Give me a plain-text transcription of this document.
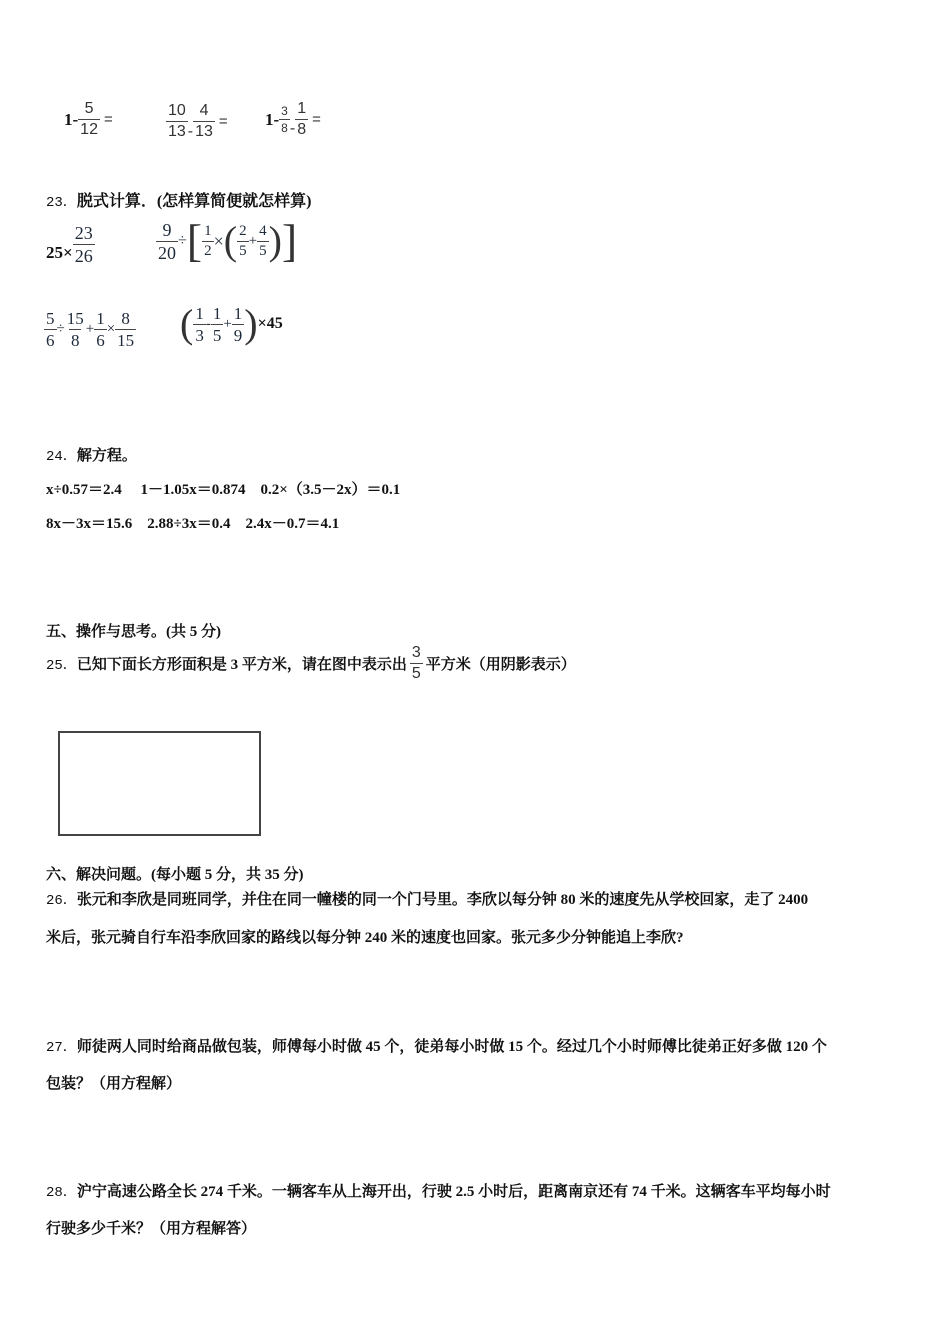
$1- \frac{5}{12}$ =	$\frac{10}{13} - \frac{4}{13} = 1- \frac{3}{8} - \frac{1}{8}$ =
23．脱式计算．(怎样算简便就怎样算)
$25\times \frac{23}{26}$	$\frac{9}{20}$ ÷ [ $\frac{1}{2}$ × ( $\frac{2}{5} + \frac{4}{5}$ ) ]
$\frac{5}{6} \div \frac{15}{8} + \frac{1}{6} \times \frac{8}{15}$ ( $\frac{1}{3} - \frac{1}{5} + \frac{1}{9}$ ) ×45
24．解方程。
x÷0.57＝2.4　 1－1.05x＝0.874　0.2×（3.5－2x）＝0.1
8x－3x＝15.6　2.88÷3x＝0.4　2.4x－0.7＝4.1
五、操作与思考。(共 5 分)
25． 已知下面长方形面积是 3 平方米，请在图中表示出 $\frac{3}{5}$ 平方米（用阴影表示）
六、解决问题。(每小题 5 分，共 35 分)
26．张元和李欣是同班同学，并住在同一幢楼的同一个门号里。李欣以每分钟 80 米的速度先从学校回家，走了 2400
米后，张元骑自行车沿李欣回家的路线以每分钟 240 米的速度也回家。张元多少分钟能追上李欣?
27．师徒两人同时给商品做包装，师傅每小时做 45 个，徒弟每小时做 15 个。经过几个小时师傅比徒弟正好多做 120 个
包装？（用方程解）
28．沪宁高速公路全长 274 千米。一辆客车从上海开出，行驶 2.5 小时后，距离南京还有 74 千米。这辆客车平均每小时
行驶多少千米？（用方程解答）
